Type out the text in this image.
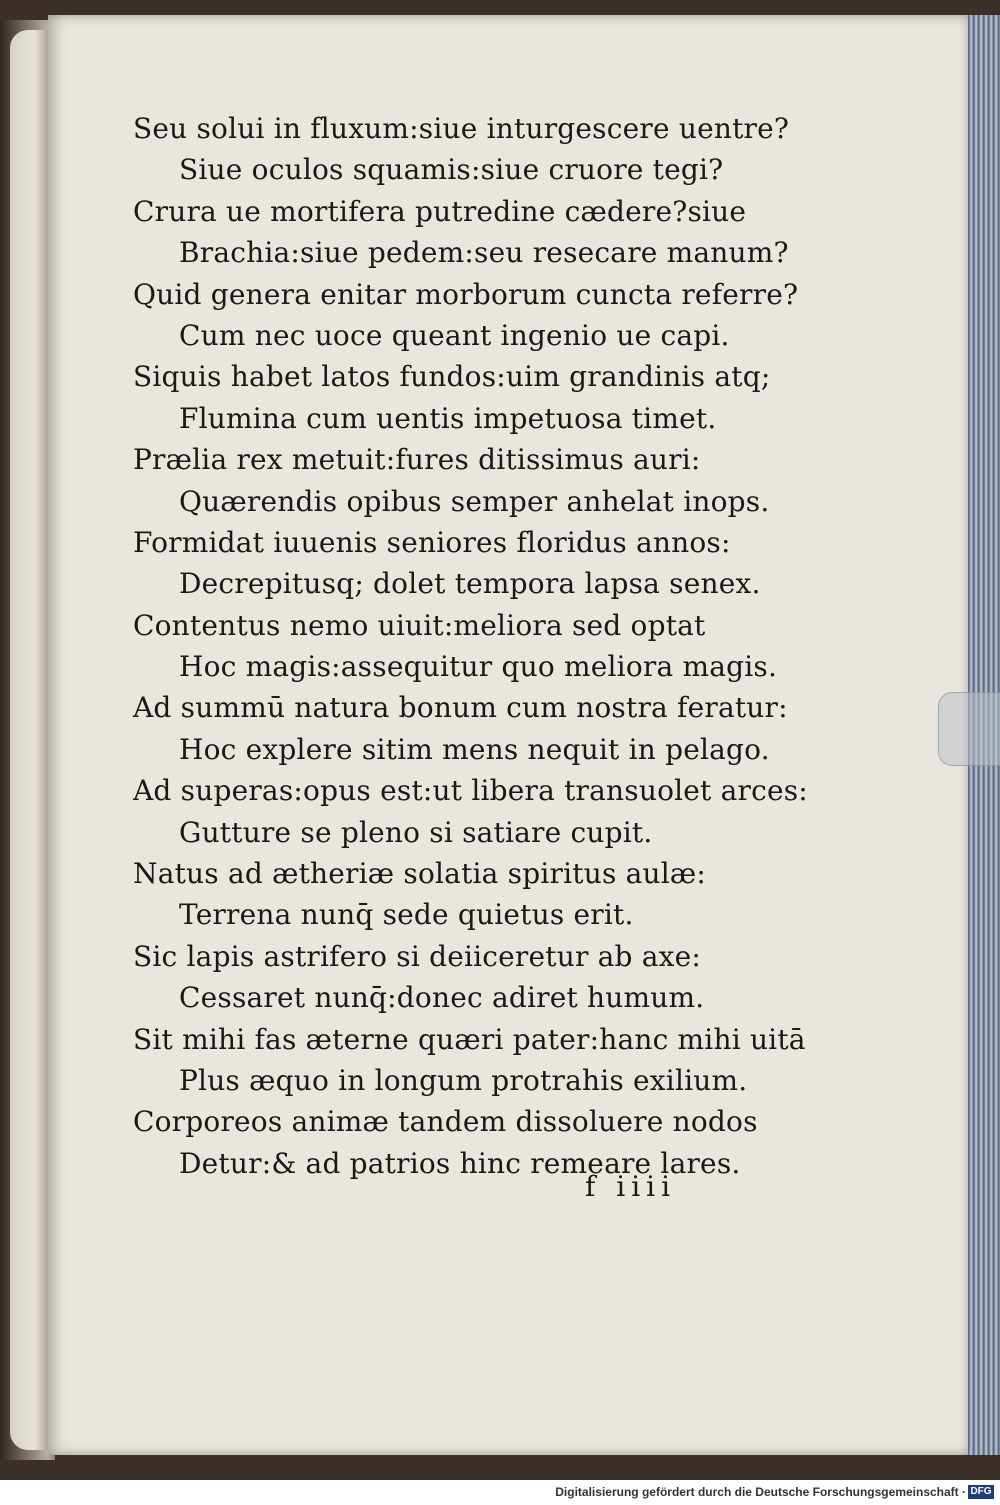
Seu solui in fluxum:siue inturgescere uentre?
Siue oculos squamis:siue cruore tegi?
Crura ue mortifera putredine cædere?siue
Brachia:siue pedem:seu resecare manum?
Quid genera enitar morborum cuncta referre?
Cum nec uoce queant ingenio ue capi.
Siquis habet latos fundos:uim grandinis atq;
Flumina cum uentis impetuosa timet.
Prælia rex metuit:fures ditissimus auri:
Quærendis opibus semper anhelat inops.
Formidat iuuenis seniores floridus annos:
Decrepitusq; dolet tempora lapsa senex.
Contentus nemo uiuit:meliora sed optat
Hoc magis:assequitur quo meliora magis.
Ad summū natura bonum cum nostra feratur:
Hoc explere sitim mens nequit in pelago.
Ad superas:opus est:ut libera transuolet arces:
Gutture se pleno si satiare cupit.
Natus ad ætheriæ solatia spiritus aulæ:
Terrena nunq̄ sede quietus erit.
Sic lapis astrifero si deiiceretur ab axe:
Cessaret nunq̄:donec adiret humum.
Sit mihi fas æterne quæri pater:hanc mihi uitā
Plus æquo in longum protrahis exilium.
Corporeos animæ tandem dissoluere nodos
Detur:& ad patrios hinc remeare lares.
f iiii
Digitalisierung gefördert durch die Deutsche Forschungsgemeinschaft · DFG
